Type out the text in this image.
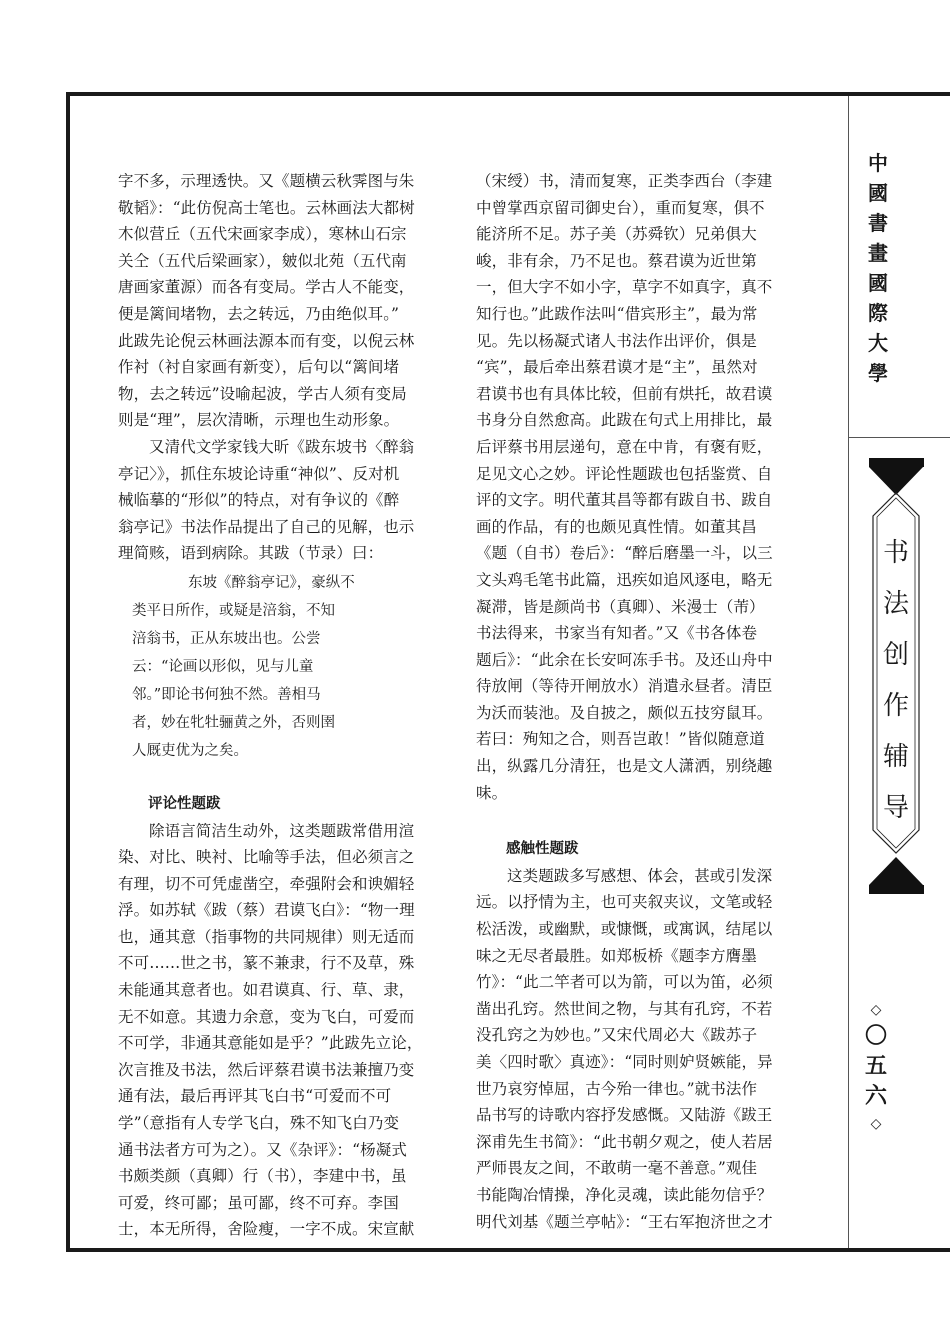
字不多，示理透快。又《题横云秋霁图与朱
敬韬》：“此仿倪高士笔也。云林画法大都树
木似营丘（五代宋画家李成），寒林山石宗
关仝（五代后梁画家），皴似北苑（五代南
唐画家董源）而各有变局。学古人不能变，
便是篱间堵物，去之转远，乃由绝似耳。”
此跋先论倪云林画法源本而有变，以倪云林
作衬（衬自家画有新变），后句以“篱间堵
物，去之转远”设喻起波，学古人须有变局
则是“理”，层次清晰，示理也生动形象。
又清代文学家钱大昕《跋东坡书〈醉翁
亭记〉》，抓住东坡论诗重“神似”、反对机
械临摹的“形似”的特点，对有争议的《醉
翁亭记》书法作品提出了自己的见解，也示
理简赅，语到病除。其跋（节录）曰：
东坡《醉翁亭记》，豪纵不
类平日所作，或疑是涪翁，不知
涪翁书，正从东坡出也。公尝
云：“论画以形似，见与儿童
邻。”即论书何独不然。善相马
者，妙在牝牡骊黄之外，否则圉
人厩吏优为之矣。
评论性题跋
除语言简洁生动外，这类题跋常借用渲
染、对比、映衬、比喻等手法，但必须言之
有理，切不可凭虚凿空，牵强附会和谀媚轻
浮。如苏轼《跋（蔡）君谟飞白》：“物一理
也，通其意（指事物的共同规律）则无适而
不可……世之书，篆不兼隶，行不及草，殊
未能通其意者也。如君谟真、行、草、隶，
无不如意。其遗力余意，变为飞白，可爱而
不可学，非通其意能如是乎？”此跋先立论，
次言推及书法，然后评蔡君谟书法兼擅乃变
通有法，最后再评其飞白书“可爱而不可
学”（意指有人专学飞白，殊不知飞白乃变
通书法者方可为之）。又《杂评》：“杨凝式
书颇类颜（真卿）行（书），李建中书，虽
可爱，终可鄙；虽可鄙，终不可弃。李国
士，本无所得，舍险瘦，一字不成。宋宣献
（宋绶）书，清而复寒，正类李西台（李建
中曾掌西京留司御史台），重而复寒，俱不
能济所不足。苏子美（苏舜钦）兄弟俱大
峻，非有余，乃不足也。蔡君谟为近世第
一，但大字不如小字，草字不如真字，真不
知行也。”此跋作法叫“借宾形主”，最为常
见。先以杨凝式诸人书法作出评价，俱是
“宾”，最后牵出蔡君谟才是“主”，虽然对
君谟书也有具体比较，但前有烘托，故君谟
书身分自然愈高。此跋在句式上用排比，最
后评蔡书用层递句，意在中肯，有褒有贬，
足见文心之妙。评论性题跋也包括鉴赏、自
评的文字。明代董其昌等都有跋自书、跋自
画的作品，有的也颇见真性情。如董其昌
《题（自书）卷后》：“醉后磨墨一斗，以三
文头鸡毛笔书此篇，迅疾如追风逐电，略无
凝滞，皆是颜尚书（真卿）、米漫士（芾）
书法得来，书家当有知者。”又《书各体卷
题后》：“此余在长安呵冻手书。及还山舟中
待放闸（等待开闸放水）消遣永昼者。清臣
为沃而装池。及自披之，颇似五技穷鼠耳。
若曰：殉知之合，则吾岂敢！”皆似随意道
出，纵露几分清狂，也是文人潇洒，别绕趣
味。
感触性题跋
这类题跋多写感想、体会，甚或引发深
远。以抒情为主，也可夹叙夹议，文笔或轻
松活泼，或幽默，或慷慨，或寓讽，结尾以
味之无尽者最胜。如郑板桥《题李方膺墨
竹》：“此二竿者可以为箭，可以为笛，必须
凿出孔窍。然世间之物，与其有孔窍，不若
没孔窍之为妙也。”又宋代周必大《跋苏子
美〈四时歌〉真迹》：“同时则妒贤嫉能，异
世乃哀穷悼屈，古今殆一律也。”就书法作
品书写的诗歌内容抒发感慨。又陆游《跋王
深甫先生书简》：“此书朝夕观之，使人若居
严师畏友之间，不敢萌一毫不善意。”观佳
书能陶冶情操，净化灵魂，读此能勿信乎？
明代刘基《题兰亭帖》：“王右军抱济世之才
中
國
書
畫
國
際
大
學
书
法
创
作
辅
导
◇
〇
五
六
◇
